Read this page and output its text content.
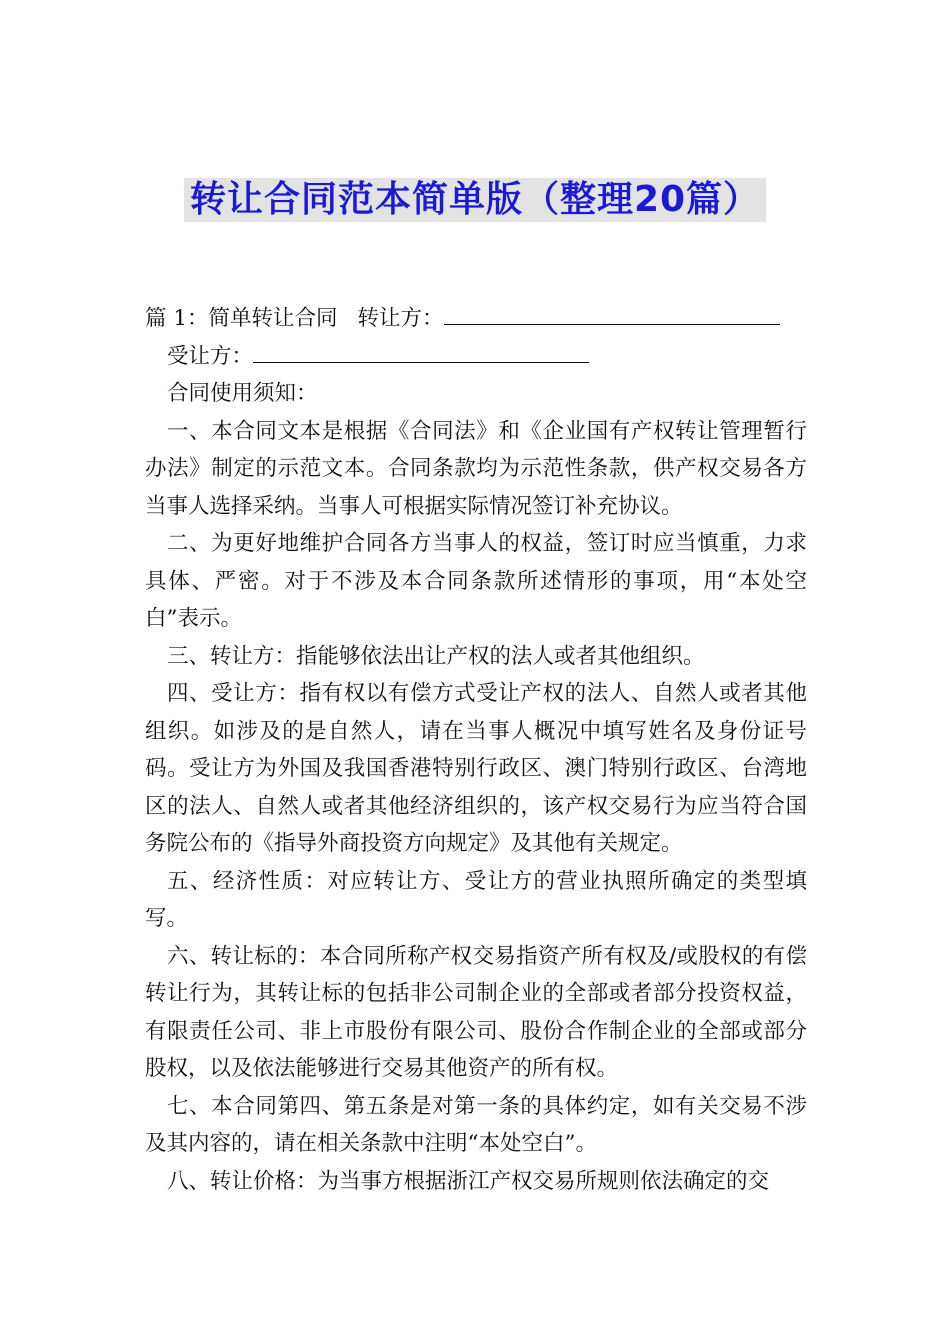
转让合同范本简单版（整理20篇）
篇 1：简单转让合同 转让方：
受让方：
合同使用须知：

一、本合同文本是根据《合同法》和《企业国有产权转让管理暂行办法》制定的示范文本。合同条款均为示范性条款，供产权交易各方当事人选择采纳。当事人可根据实际情况签订补充协议。

二、为更好地维护合同各方当事人的权益，签订时应当慎重，力求具体、严密。对于不涉及本合同条款所述情形的事项，用“本处空白”表示。

三、转让方：指能够依法出让产权的法人或者其他组织。

四、受让方：指有权以有偿方式受让产权的法人、自然人或者其他组织。如涉及的是自然人，请在当事人概况中填写姓名及身份证号码。受让方为外国及我国香港特别行政区、澳门特别行政区、台湾地区的法人、自然人或者其他经济组织的，该产权交易行为应当符合国务院公布的《指导外商投资方向规定》及其他有关规定。

五、经济性质：对应转让方、受让方的营业执照所确定的类型填写。

六、转让标的：本合同所称产权交易指资产所有权及/或股权的有偿转让行为，其转让标的包括非公司制企业的全部或者部分投资权益，有限责任公司、非上市股份有限公司、股份合作制企业的全部或部分股权，以及依法能够进行交易其他资产的所有权。

七、本合同第四、第五条是对第一条的具体约定，如有关交易不涉及其内容的，请在相关条款中注明“本处空白”。

八、转让价格：为当事方根据浙江产权交易所规则依法确定的交
